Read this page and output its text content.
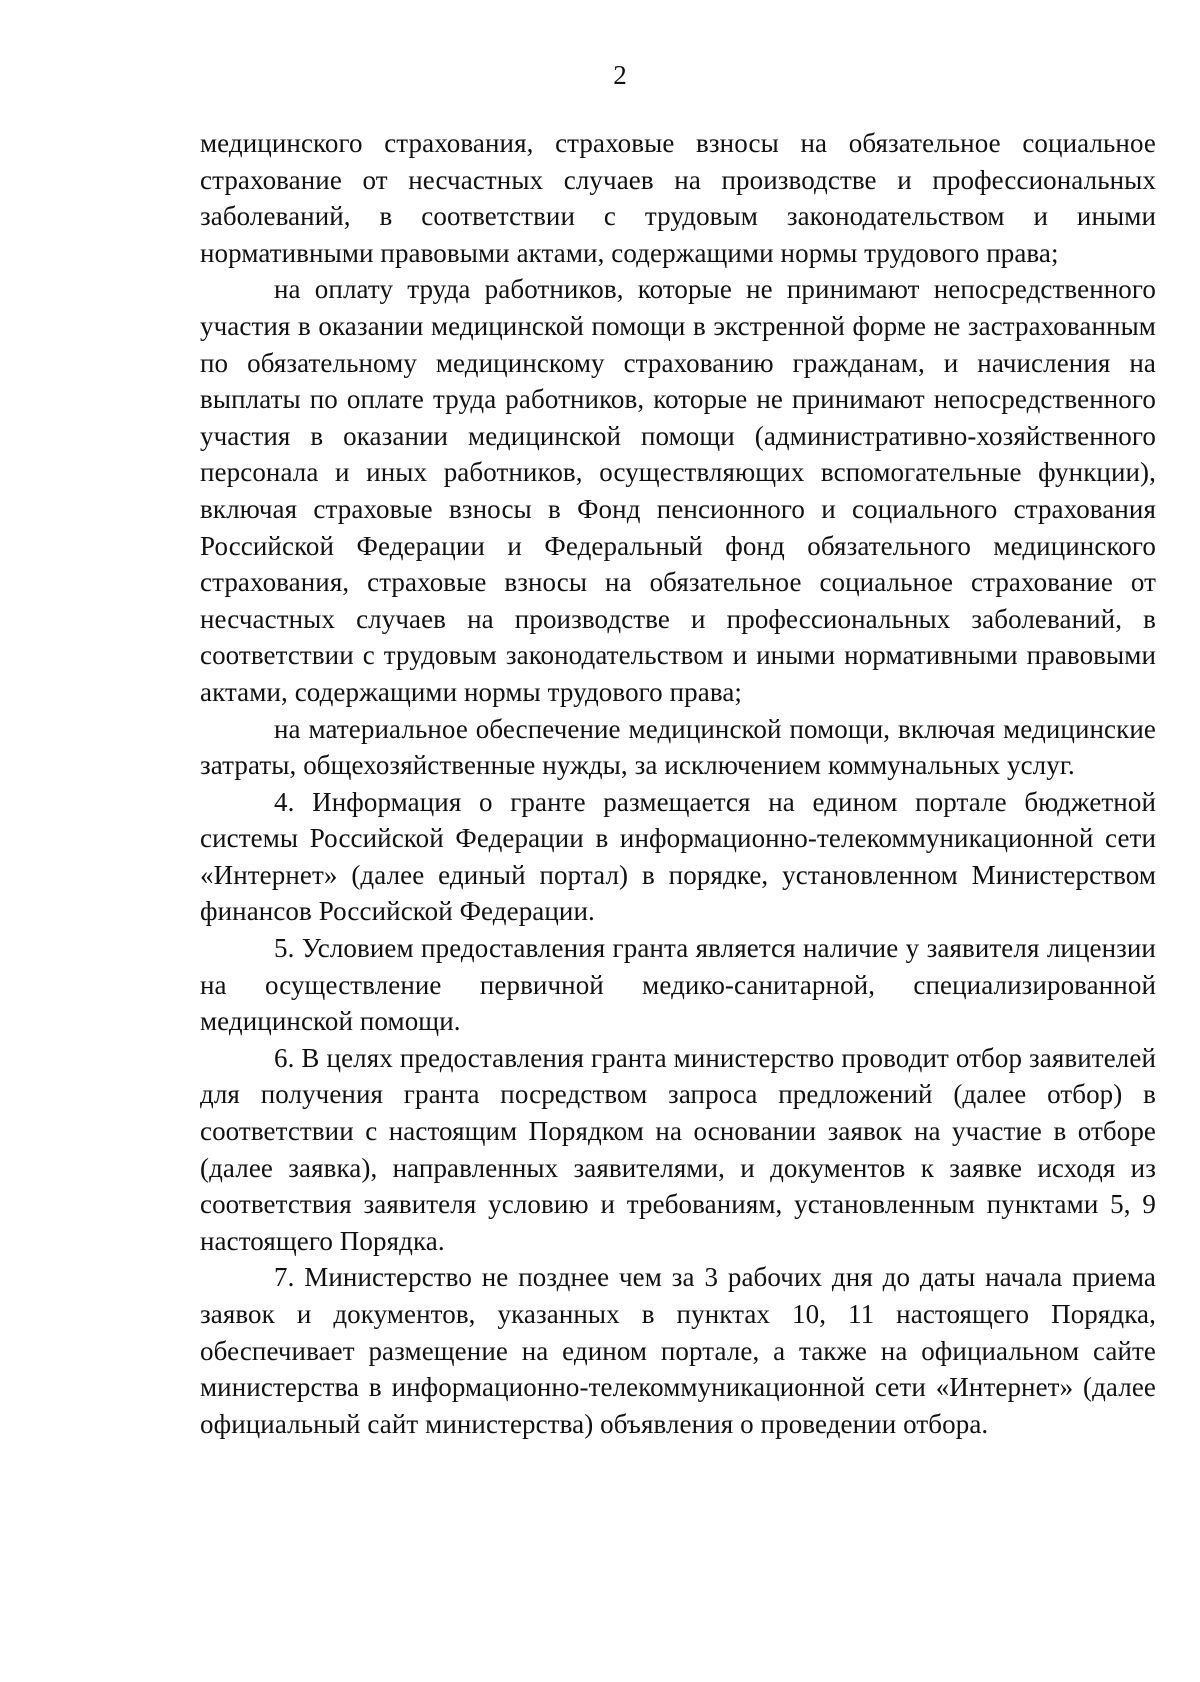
2

медицинского страхования, страховые взносы на обязательное социальное страхование от несчастных случаев на производстве и профессиональных заболеваний, в соответствии с трудовым законодательством и иными нормативными правовыми актами, содержащими нормы трудового права;

на оплату труда работников, которые не принимают непосредственного участия в оказании медицинской помощи в экстренной форме не застрахованным по обязательному медицинскому страхованию гражданам, и начисления на выплаты по оплате труда работников, которые не принимают непосредственного участия в оказании медицинской помощи (административно-хозяйственного персонала и иных работников, осуществляющих вспомогательные функции), включая страховые взносы в Фонд пенсионного и социального страхования Российской Федерации и Федеральный фонд обязательного медицинского страхования, страховые взносы на обязательное социальное страхование от несчастных случаев на производстве и профессиональных заболеваний, в соответствии с трудовым законодательством и иными нормативными правовыми актами, содержащими нормы трудового права;

на материальное обеспечение медицинской помощи, включая медицинские затраты, общехозяйственные нужды, за исключением коммунальных услуг.

4. Информация о гранте размещается на едином портале бюджетной системы Российской Федерации в информационно-телекоммуникационной сети «Интернет» (далее единый портал) в порядке, установленном Министерством финансов Российской Федерации.

5. Условием предоставления гранта является наличие у заявителя лицензии на осуществление первичной медико-санитарной, специализированной медицинской помощи.

6. В целях предоставления гранта министерство проводит отбор заявителей для получения гранта посредством запроса предложений (далее отбор) в соответствии с настоящим Порядком на основании заявок на участие в отборе (далее заявка), направленных заявителями, и документов к заявке исходя из соответствия заявителя условию и требованиям, установленным пунктами 5, 9 настоящего Порядка.

7. Министерство не позднее чем за 3 рабочих дня до даты начала приема заявок и документов, указанных в пунктах 10, 11 настоящего Порядка, обеспечивает размещение на едином портале, а также на официальном сайте министерства в информационно-телекоммуникационной сети «Интернет» (далее официальный сайт министерства) объявления о проведении отбора.
